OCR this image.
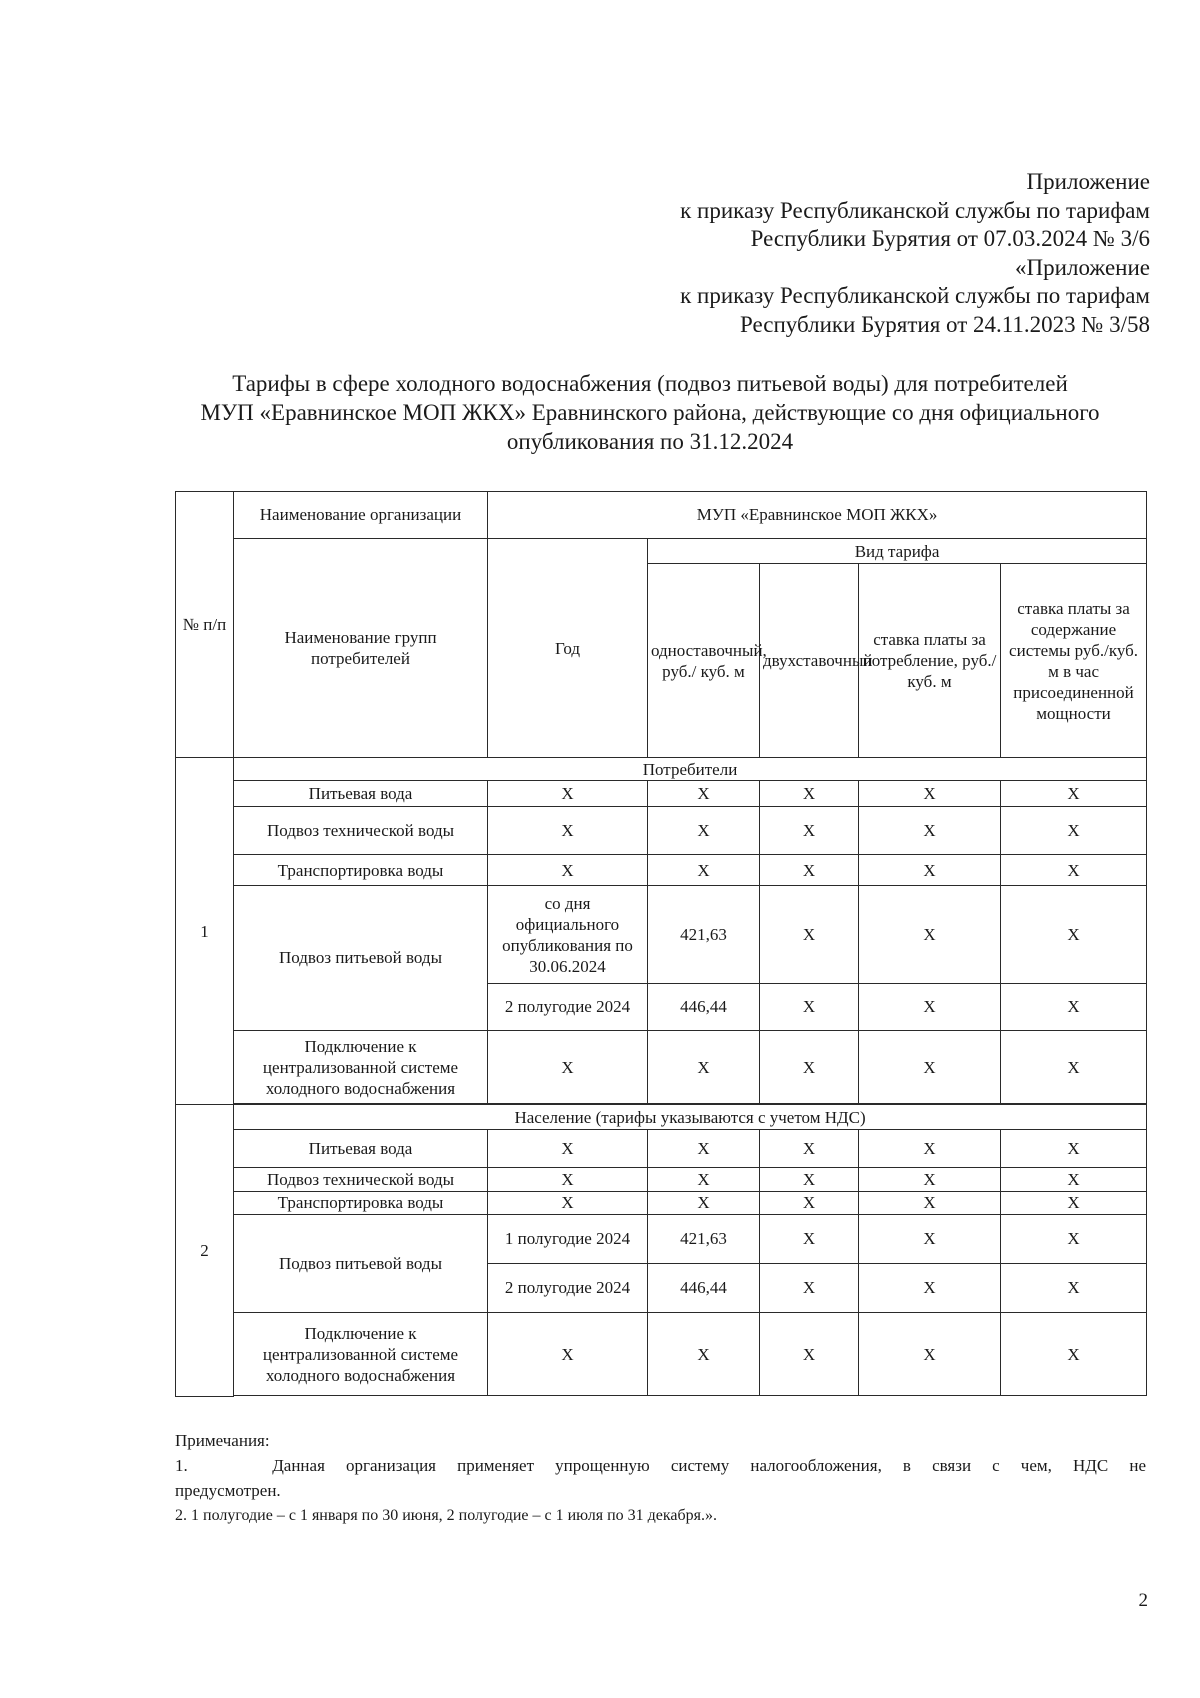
Приложение
к приказу Республиканской службы по тарифам
Республики Бурятия от 07.03.2024 № 3/6
«Приложение
к приказу Республиканской службы по тарифам
Республики Бурятия от 24.11.2023 № 3/58
Тарифы в сфере холодного водоснабжения (подвоз питьевой воды) для потребителей
МУП «Еравнинское МОП ЖКХ» Еравнинского района, действующие со дня официального
опубликования по 31.12.2024
№ п/п	Наименование организации	МУП «Еравнинское МОП ЖКХ»				
	Наименование групп потребителей	Год	Вид тарифа			
			одноставочный, руб./ куб. м	двухставочный	ставка платы за потребление, руб./ куб. м	ставка платы за содержание системы руб./куб. м в час присоединенной мощности
1	Потребители					
	Питьевая вода	Х	Х	Х	Х	Х
	Подвоз технической воды	Х	Х	Х	Х	Х
	Транспортировка воды	Х	Х	Х	Х	Х
	Подвоз питьевой воды	со дня официального опубликования по 30.06.2024	421,63	Х	Х	Х
		2 полугодие 2024	446,44	Х	Х	Х
	Подключение к централизованной системе холодного водоснабжения	Х	Х	Х	Х	Х

2	Население (тарифы указываются с учетом НДС)					
	Питьевая вода	Х	Х	Х	Х	Х
	Подвоз технической воды	Х	Х	Х	Х	Х
	Транспортировка воды	Х	Х	Х	Х	Х
	Подвоз питьевой воды	1 полугодие 2024	421,63	Х	Х	Х
		2 полугодие 2024	446,44	Х	Х	Х
	Подключение к централизованной системе холодного водоснабжения	Х	Х	Х	Х	Х

Примечания:

1.    Данная организация применяет упрощенную систему налогообложения, в связи с чем, НДС не

предусмотрен.

2. 1 полугодие – с 1 января по 30 июня, 2 полугодие – с 1 июля по 31 декабря.».

2
